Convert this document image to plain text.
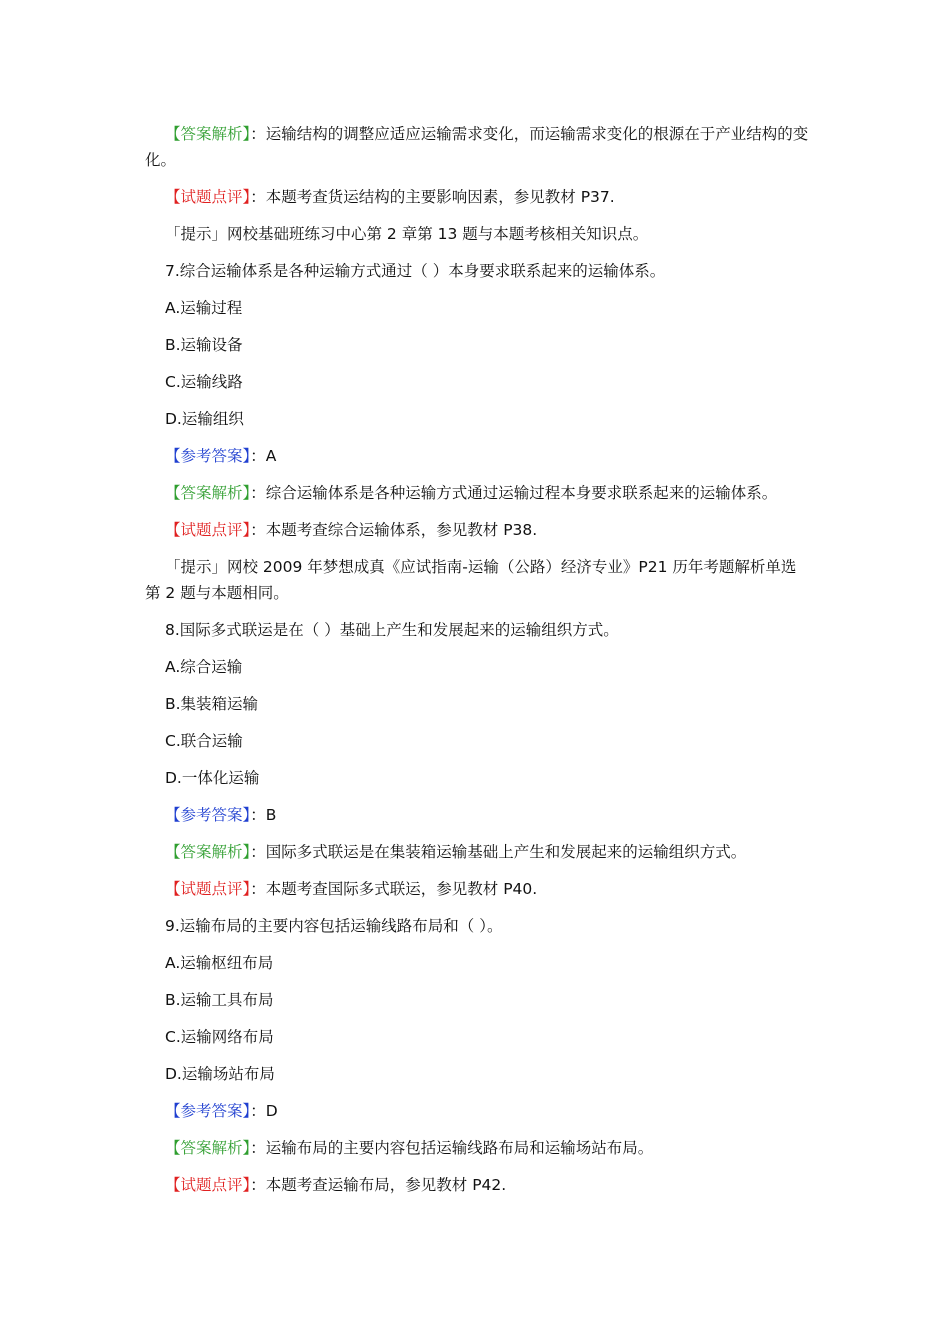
【答案解析】：运输结构的调整应适应运输需求变化，而运输需求变化的根源在于产业结构的变化。

【试题点评】：本题考查货运结构的主要影响因素，参见教材 P37.

「提示」网校基础班练习中心第 2 章第 13 题与本题考核相关知识点。

7.综合运输体系是各种运输方式通过（ ）本身要求联系起来的运输体系。

A.运输过程

B.运输设备

C.运输线路

D.运输组织

【参考答案】：A

【答案解析】：综合运输体系是各种运输方式通过运输过程本身要求联系起来的运输体系。

【试题点评】：本题考查综合运输体系，参见教材 P38.

「提示」网校 2009 年梦想成真《应试指南-运输（公路）经济专业》P21 历年考题解析单选第 2 题与本题相同。

8.国际多式联运是在（ ）基础上产生和发展起来的运输组织方式。

A.综合运输

B.集装箱运输

C.联合运输

D.一体化运输

【参考答案】：B

【答案解析】：国际多式联运是在集装箱运输基础上产生和发展起来的运输组织方式。

【试题点评】：本题考查国际多式联运，参见教材 P40.

9.运输布局的主要内容包括运输线路布局和（ ）。

A.运输枢纽布局

B.运输工具布局

C.运输网络布局

D.运输场站布局

【参考答案】：D

【答案解析】：运输布局的主要内容包括运输线路布局和运输场站布局。

【试题点评】：本题考查运输布局，参见教材 P42.
